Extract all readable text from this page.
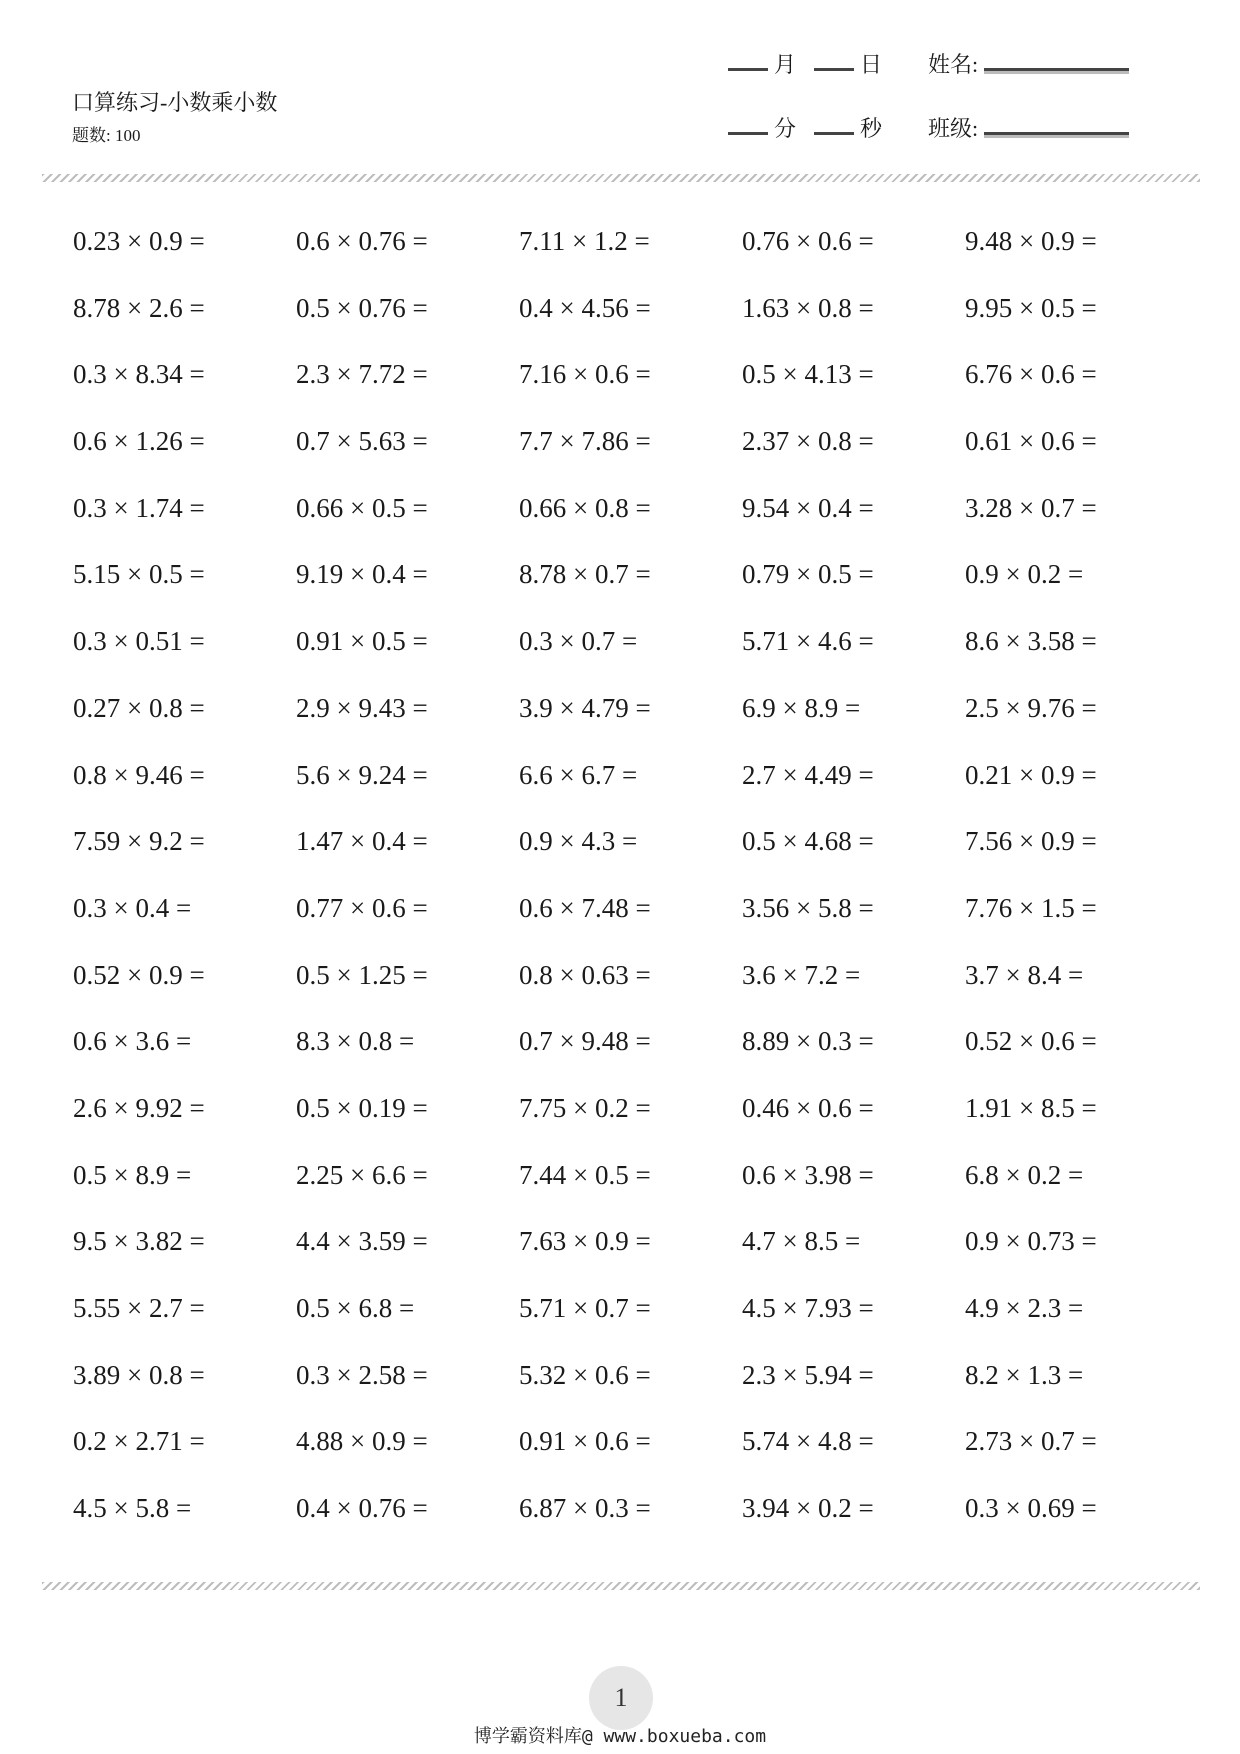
口算练习-小数乘小数
题数: 100
月	日 姓名:
分	秒 班级:
0.23 × 0.9 =	0.6 × 0.76 =	7.11 × 1.2 =	0.76 × 0.6 =	9.48 × 0.9 =
8.78 × 2.6 =	0.5 × 0.76 =	0.4 × 4.56 =	1.63 × 0.8 =	9.95 × 0.5 =
0.3 × 8.34 =	2.3 × 7.72 =	7.16 × 0.6 =	0.5 × 4.13 =	6.76 × 0.6 =
0.6 × 1.26 =	0.7 × 5.63 =	7.7 × 7.86 =	2.37 × 0.8 =	0.61 × 0.6 =
0.3 × 1.74 =	0.66 × 0.5 =	0.66 × 0.8 =	9.54 × 0.4 =	3.28 × 0.7 =
5.15 × 0.5 =	9.19 × 0.4 =	8.78 × 0.7 =	0.79 × 0.5 =	0.9 × 0.2 =
0.3 × 0.51 =	0.91 × 0.5 =	0.3 × 0.7 =	5.71 × 4.6 =	8.6 × 3.58 =
0.27 × 0.8 =	2.9 × 9.43 =	3.9 × 4.79 =	6.9 × 8.9 =	2.5 × 9.76 =
0.8 × 9.46 =	5.6 × 9.24 =	6.6 × 6.7 =	2.7 × 4.49 =	0.21 × 0.9 =
7.59 × 9.2 =	1.47 × 0.4 =	0.9 × 4.3 =	0.5 × 4.68 =	7.56 × 0.9 =
0.3 × 0.4 =	0.77 × 0.6 =	0.6 × 7.48 =	3.56 × 5.8 =	7.76 × 1.5 =
0.52 × 0.9 =	0.5 × 1.25 =	0.8 × 0.63 =	3.6 × 7.2 =	3.7 × 8.4 =
0.6 × 3.6 =	8.3 × 0.8 =	0.7 × 9.48 =	8.89 × 0.3 =	0.52 × 0.6 =
2.6 × 9.92 =	0.5 × 0.19 =	7.75 × 0.2 =	0.46 × 0.6 =	1.91 × 8.5 =
0.5 × 8.9 =	2.25 × 6.6 =	7.44 × 0.5 =	0.6 × 3.98 =	6.8 × 0.2 =
9.5 × 3.82 =	4.4 × 3.59 =	7.63 × 0.9 =	4.7 × 8.5 =	0.9 × 0.73 =
5.55 × 2.7 =	0.5 × 6.8 =	5.71 × 0.7 =	4.5 × 7.93 =	4.9 × 2.3 =
3.89 × 0.8 =	0.3 × 2.58 =	5.32 × 0.6 =	2.3 × 5.94 =	8.2 × 1.3 =
0.2 × 2.71 =	4.88 × 0.9 =	0.91 × 0.6 =	5.74 × 4.8 =	2.73 × 0.7 =
4.5 × 5.8 =	0.4 × 0.76 =	6.87 × 0.3 =	3.94 × 0.2 =	0.3 × 0.69 =
1
博学霸资料库@ www.boxueba.com
